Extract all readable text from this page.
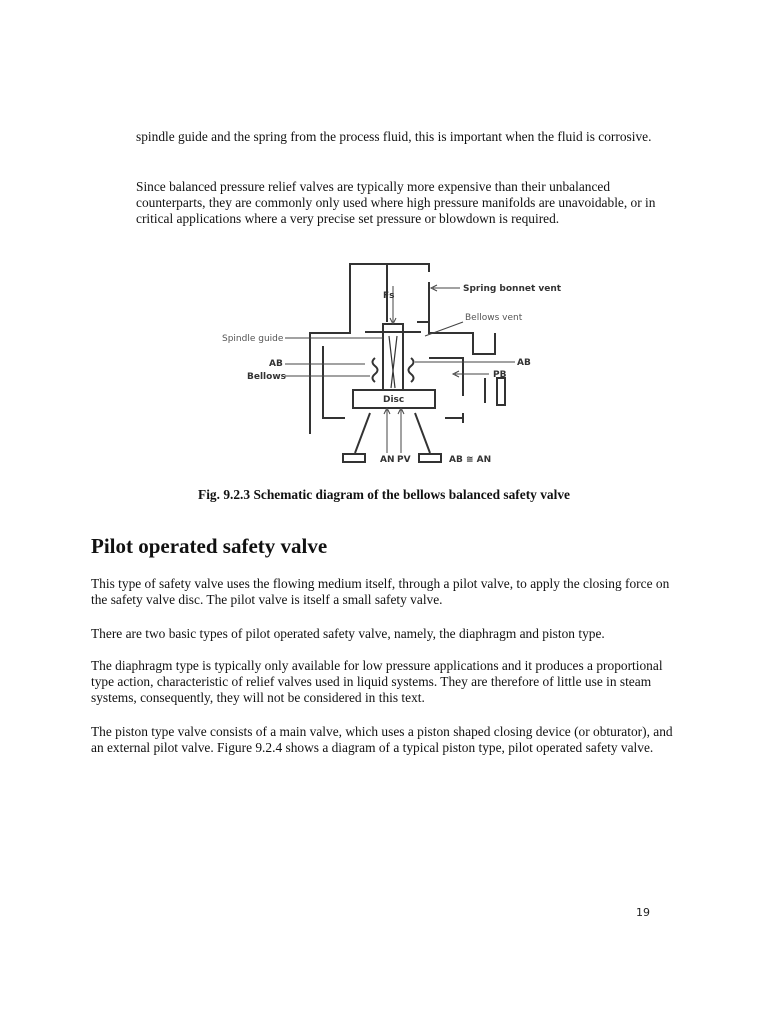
spindle guide and the spring from the process fluid, this is important when the fluid is corrosive.

Since balanced pressure relief valves are typically more expensive than their unbalanced counterparts, they are commonly only used where high pressure manifolds are unavoidable, or in critical applications where a very precise set pressure or blowdown is required.

Fs
Spring bonnet vent
Bellows vent
Spindle guide
AB	AB
Bellows	PB
Disc
AN PV	AB ≅ AN
Fig. 9.2.3 Schematic diagram of the bellows balanced safety valve
Pilot operated safety valve

This type of safety valve uses the flowing medium itself, through a pilot valve, to apply the closing force on the safety valve disc. The pilot valve is itself a small safety valve.

There are two basic types of pilot operated safety valve, namely, the diaphragm and piston type.

The diaphragm type is typically only available for low pressure applications and it produces a proportional type action, characteristic of relief valves used in liquid systems. They are therefore of little use in steam systems, consequently, they will not be considered in this text.

The piston type valve consists of a main valve, which uses a piston shaped closing device (or obturator), and an external pilot valve. Figure 9.2.4 shows a diagram of a typical piston type, pilot operated safety valve.

19
